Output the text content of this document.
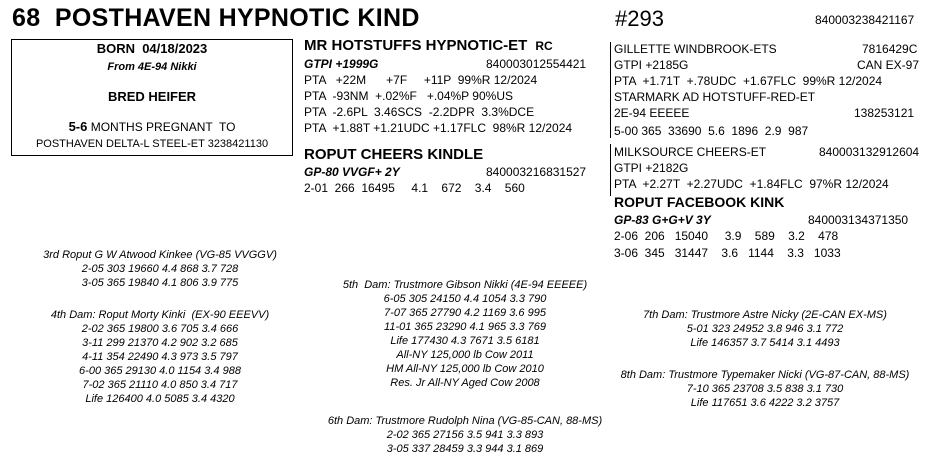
68 POSTHAVEN HYPNOTIC KIND	#293	840003238421167
BORN  04/18/2023
From 4E-94 Nikki
BRED HEIFER
5-6 MONTHS PREGNANT  TO
POSTHAVEN DELTA-L STEEL-ET 3238421130
MR HOTSTUFFS HYPNOTIC-ET RC
GTPI +1999G	840003012554421
PTA   +22M      +7F     +11P  99%R 12/2024
PTA  -93NM  +.02%F   +.04%P 90%US
PTA  -2.6PL  3.46SCS  -2.2DPR  3.3%DCE
PTA  +1.88T +1.21UDC +1.17FLC  98%R 12/2024
GILLETTE WINDBROOK-ETS	7816429C
GTPI +2185G	CAN EX-97
PTA  +1.71T  +.78UDC  +1.67FLC  99%R 12/2024
STARMARK AD HOTSTUFF-RED-ET
2E-94 EEEEE	138253121
5-00 365  33690  5.6  1896  2.9  987
ROPUT CHEERS KINDLE
GP-80 VVGF+ 2Y	840003216831527
2-01  266  16495     4.1    672    3.4    560
MILKSOURCE CHEERS-ET	840003132912604
GTPI +2182G
PTA  +2.27T  +2.27UDC  +1.84FLC  97%R 12/2024
ROPUT FACEBOOK KINK
GP-83 G+G+V 3Y	840003134371350
2-06  206   15040     3.9    589    3.2    478
3-06  345   31447    3.6   1144    3.3   1033
3rd Roput G W Atwood Kinkee (VG-85 VVGGV)
2-05 303 19660 4.4 868 3.7 728
3-05 365 19840 4.1 806 3.9 775
4th Dam: Roput Morty Kinki  (EX-90 EEEVV)
2-02 365 19800 3.6 705 3.4 666
3-11 299 21370 4.2 902 3.2 685
4-11 354 22490 4.3 973 3.5 797
6-00 365 29130 4.0 1154 3.4 988
7-02 365 21110 4.0 850 3.4 717
Life 126400 4.0 5085 3.4 4320
5th  Dam: Trustmore Gibson Nikki (4E-94 EEEEE)
6-05 305 24150 4.4 1054 3.3 790
7-07 365 27790 4.2 1169 3.6 995
11-01 365 23290 4.1 965 3.3 769
Life 177430 4.3 7671 3.5 6181
All-NY 125,000 lb Cow 2011
HM All-NY 125,000 lb Cow 2010
Res. Jr All-NY Aged Cow 2008
6th Dam: Trustmore Rudolph Nina (VG-85-CAN, 88-MS)
2-02 365 27156 3.5 941 3.3 893
3-05 337 28459 3.3 944 3.1 869
7th Dam: Trustmore Astre Nicky (2E-CAN EX-MS)
5-01 323 24952 3.8 946 3.1 772
Life 146357 3.7 5414 3.1 4493
8th Dam: Trustmore Typemaker Nicki (VG-87-CAN, 88-MS)
7-10 365 23708 3.5 838 3.1 730
Life 117651 3.6 4222 3.2 3757
